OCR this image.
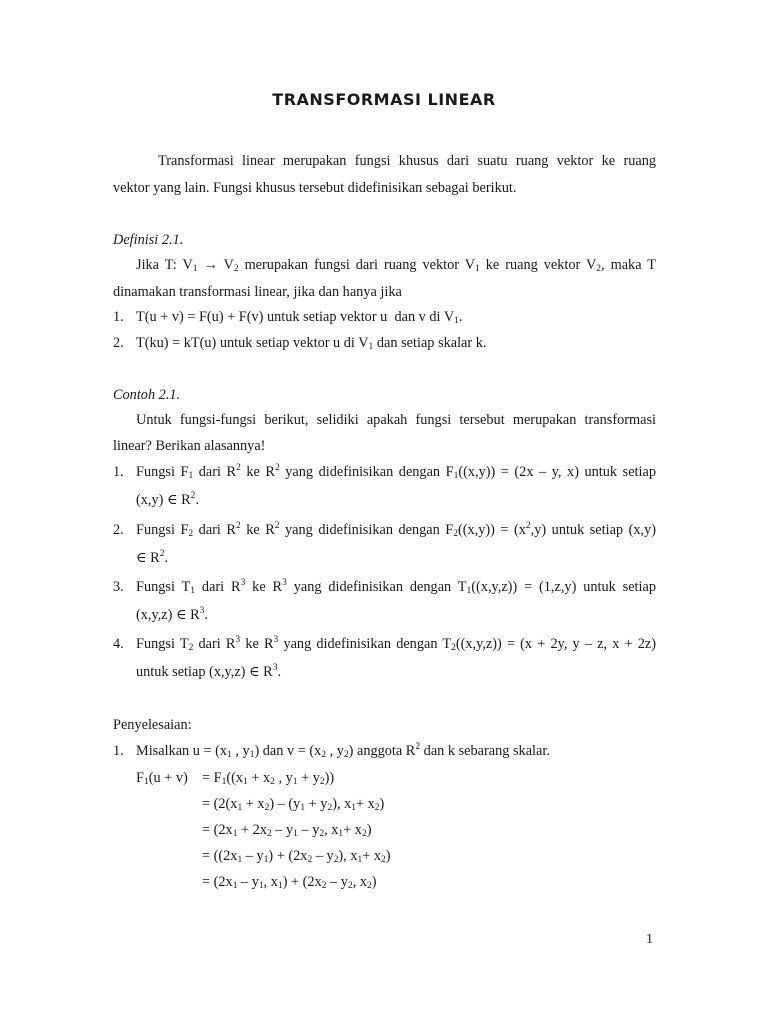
TRANSFORMASI LINEAR
Transformasi linear merupakan fungsi khusus dari suatu ruang vektor ke ruang
vektor yang lain. Fungsi khusus tersebut didefinisikan sebagai berikut.
Definisi 2.1.
Jika T: $V_1 \to V_2$ merupakan fungsi dari ruang vektor $V_1$ ke ruang vektor $V_2$, maka T
dinamakan transformasi linear, jika dan hanya jika
1. T(u + v) = F(u) + F(v) untuk setiap vektor u  dan v di $V_1$.
2. T(ku) = kT(u) untuk setiap vektor u di $V_1$ dan setiap skalar k.
Contoh 2.1.
Untuk fungsi-fungsi berikut, selidiki apakah fungsi tersebut merupakan transformasi
linear? Berikan alasannya!
1. Fungsi $F_1$ dari $R^2$ ke $R^2$ yang didefinisikan dengan $F_1((x,y)) = (2x - y$, x) untuk setiap
(x,y) ∈ $R^2$.
2. Fungsi $F_2$ dari $R^2$ ke $R^2$ yang didefinisikan dengan $F_2((x,y)) = (x^2,y)$ untuk setiap (x,y)
∈ $R^2$.
3. Fungsi $T_1$ dari $R^3$ ke $R^3$ yang didefinisikan dengan $T_1((x,y,z)) = (1,z,y)$ untuk setiap
(x,y,z) ∈ $R^3$.
4. Fungsi $T_2$ dari $R^3$ ke $R^3$ yang didefinisikan dengan $T_2((x,y,z)) = (x + 2y$, y – z, x + 2z)
untuk setiap (x,y,z) ∈ $R^3$.
Penyelesaian:
1. Misalkan $u = (x_1$ , $y_1$) dan $v = (x_2$ , $y_2$) anggota $R^2$ dan k sebarang skalar.
$F_1(u + v) = F_1((x_1 + x_2$ , $y_1 + y_2$))
= ($2(x_1 + x_2) - (y_1 + y_2)$, $x_1+ x_2$)
= ($2x_1 + 2x_2 - y_1 - y_2$, $x_1+ x_2$)
= ($(2x_1 - y_1) + (2x_2 - y_2)$, $x_1+ x_2$)
= ($2x_1 - y_1$, $x_1) + (2x_2 - y_2$, $x_2$)
1
